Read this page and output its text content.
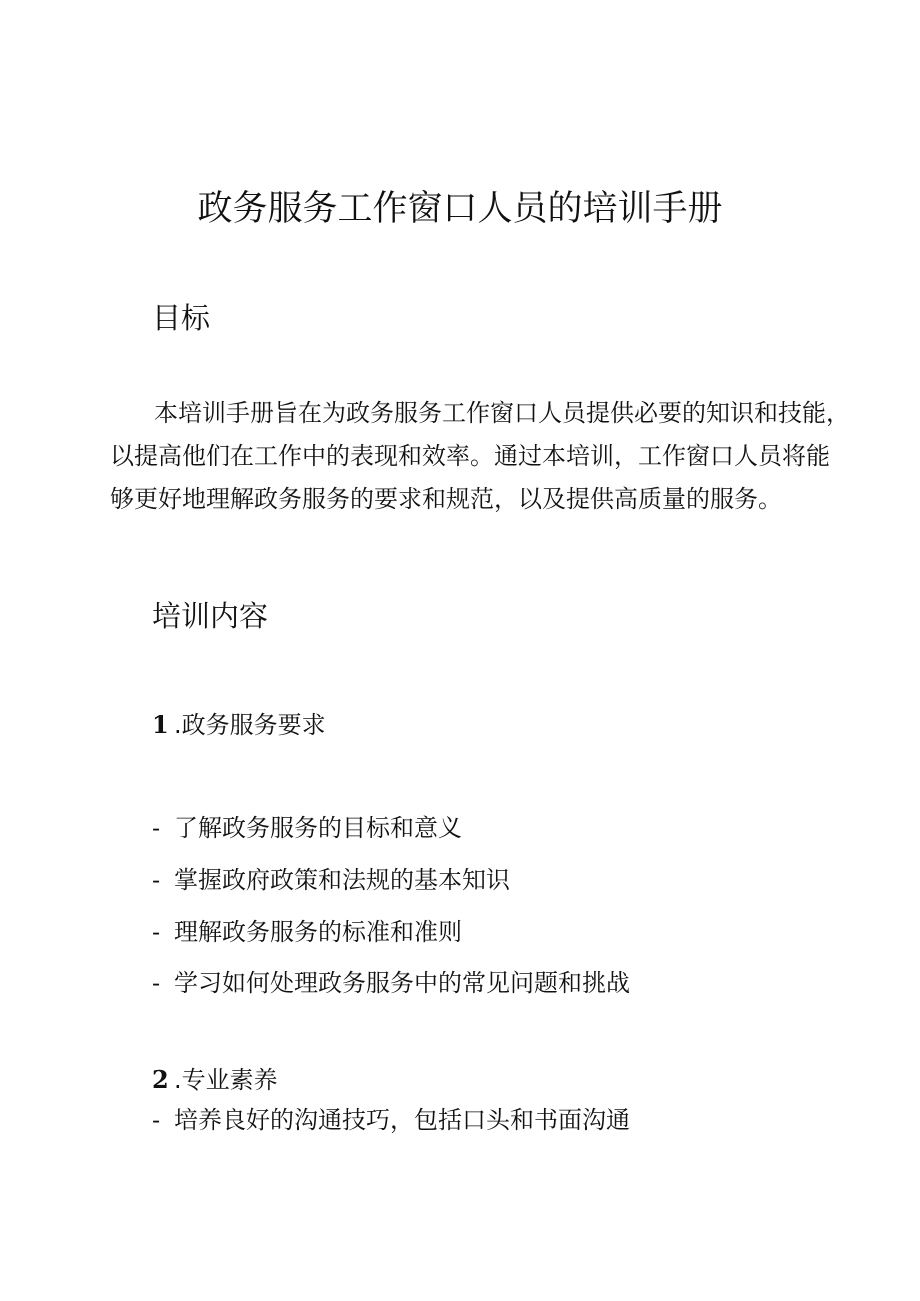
政务服务工作窗口人员的培训手册
目标

本培训手册旨在为政务服务工作窗口人员提供必要的知识和技能，
以提高他们在工作中的表现和效率。通过本培训，工作窗口人员将能
够更好地理解政务服务的要求和规范，以及提供高质量的服务。

培训内容
1 .政务服务要求
- 了解政务服务的目标和意义
- 掌握政府政策和法规的基本知识
- 理解政务服务的标准和准则
- 学习如何处理政务服务中的常见问题和挑战
2 .专业素养
- 培养良好的沟通技巧，包括口头和书面沟通
